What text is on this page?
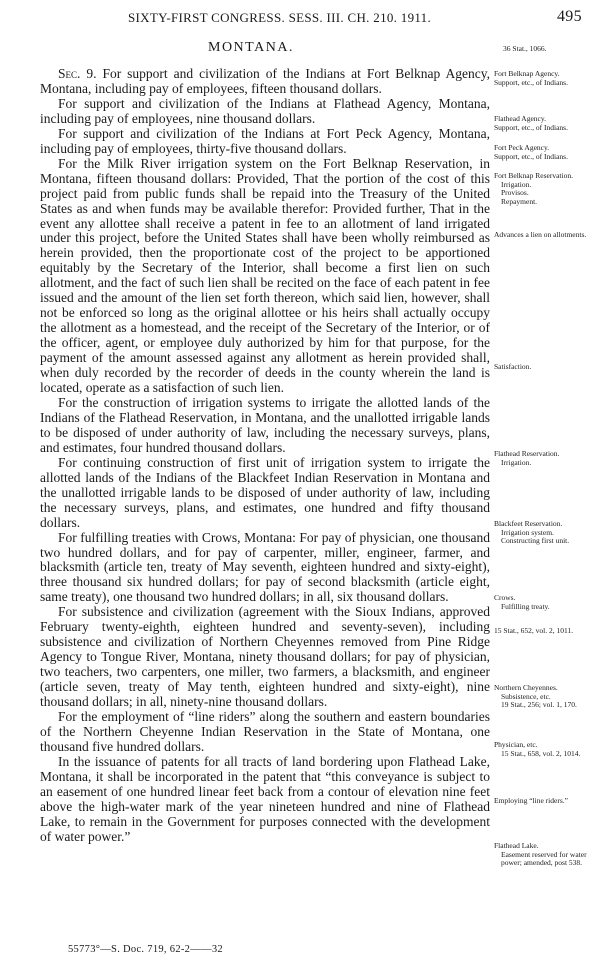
SIXTY-FIRST CONGRESS. SESS. III. CH. 210. 1911.	495
MONTANA.	36 Stat., 1066.

Sec. 9. For support and civilization of the Indians at Fort Belknap Agency, Montana, including pay of employees, fifteen thousand dollars.

For support and civilization of the Indians at Flathead Agency, Montana, including pay of employees, nine thousand dollars.

For support and civilization of the Indians at Fort Peck Agency, Montana, including pay of employees, thirty-five thousand dollars.

For the Milk River irrigation system on the Fort Belknap Reservation, in Montana, fifteen thousand dollars: Provided, That the portion of the cost of this project paid from public funds shall be repaid into the Treasury of the United States as and when funds may be available therefor: Provided further, That in the event any allottee shall receive a patent in fee to an allotment of land irrigated under this project, before the United States shall have been wholly reimbursed as herein provided, then the proportionate cost of the project to be apportioned equitably by the Secretary of the Interior, shall become a first lien on such allotment, and the fact of such lien shall be recited on the face of each patent in fee issued and the amount of the lien set forth thereon, which said lien, however, shall not be enforced so long as the original allottee or his heirs shall actually occupy the allotment as a homestead, and the receipt of the Secretary of the Interior, or of the officer, agent, or employee duly authorized by him for that purpose, for the payment of the amount assessed against any allotment as herein provided shall, when duly recorded by the recorder of deeds in the county wherein the land is located, operate as a satisfaction of such lien.

For the construction of irrigation systems to irrigate the allotted lands of the Indians of the Flathead Reservation, in Montana, and the unallotted irrigable lands to be disposed of under authority of law, including the necessary surveys, plans, and estimates, four hundred thousand dollars.

For continuing construction of first unit of irrigation system to irrigate the allotted lands of the Indians of the Blackfeet Indian Reservation in Montana and the unallotted irrigable lands to be disposed of under authority of law, including the necessary surveys, plans, and estimates, one hundred and fifty thousand dollars.

For fulfilling treaties with Crows, Montana: For pay of physician, one thousand two hundred dollars, and for pay of carpenter, miller, engineer, farmer, and blacksmith (article ten, treaty of May seventh, eighteen hundred and sixty-eight), three thousand six hundred dollars; for pay of second blacksmith (article eight, same treaty), one thousand two hundred dollars; in all, six thousand dollars.

For subsistence and civilization (agreement with the Sioux Indians, approved February twenty-eighth, eighteen hundred and seventy-seven), including subsistence and civilization of Northern Cheyennes removed from Pine Ridge Agency to Tongue River, Montana, ninety thousand dollars; for pay of physician, two teachers, two carpenters, one miller, two farmers, a blacksmith, and engineer (article seven, treaty of May tenth, eighteen hundred and sixty-eight), nine thousand dollars; in all, ninety-nine thousand dollars.

For the employment of “line riders” along the southern and eastern boundaries of the Northern Cheyenne Indian Reservation in the State of Montana, one thousand five hundred dollars.

In the issuance of patents for all tracts of land bordering upon Flathead Lake, Montana, it shall be incorporated in the patent that “this conveyance is subject to an easement of one hundred linear feet back from a contour of elevation nine feet above the high-water mark of the year nineteen hundred and nine of Flathead Lake, to remain in the Government for purposes connected with the development of water power.”

Fort Belknap Agency.
Support, etc., of Indians.
Flathead Agency.
Support, etc., of Indians.
Fort Peck Agency.
Support, etc., of Indians.
Fort Belknap Reservation.
Irrigation.
Provisos.
Repayment.
Advances a lien on allotments.
Satisfaction.
Flathead Reservation.
Irrigation.
Blackfeet Reservation.
Irrigation system.
Constructing first unit.
Crows.
Fulfilling treaty.
15 Stat., 652, vol. 2, 1011.
Northern Cheyennes.
Subsistence, etc.
19 Stat., 256; vol. 1, 170.
Physician, etc.
15 Stat., 658, vol. 2, 1014.
Employing “line riders.”
Flathead Lake.
Easement reserved for water power; amended, post 538.
55773°—S. Doc. 719, 62-2——32
